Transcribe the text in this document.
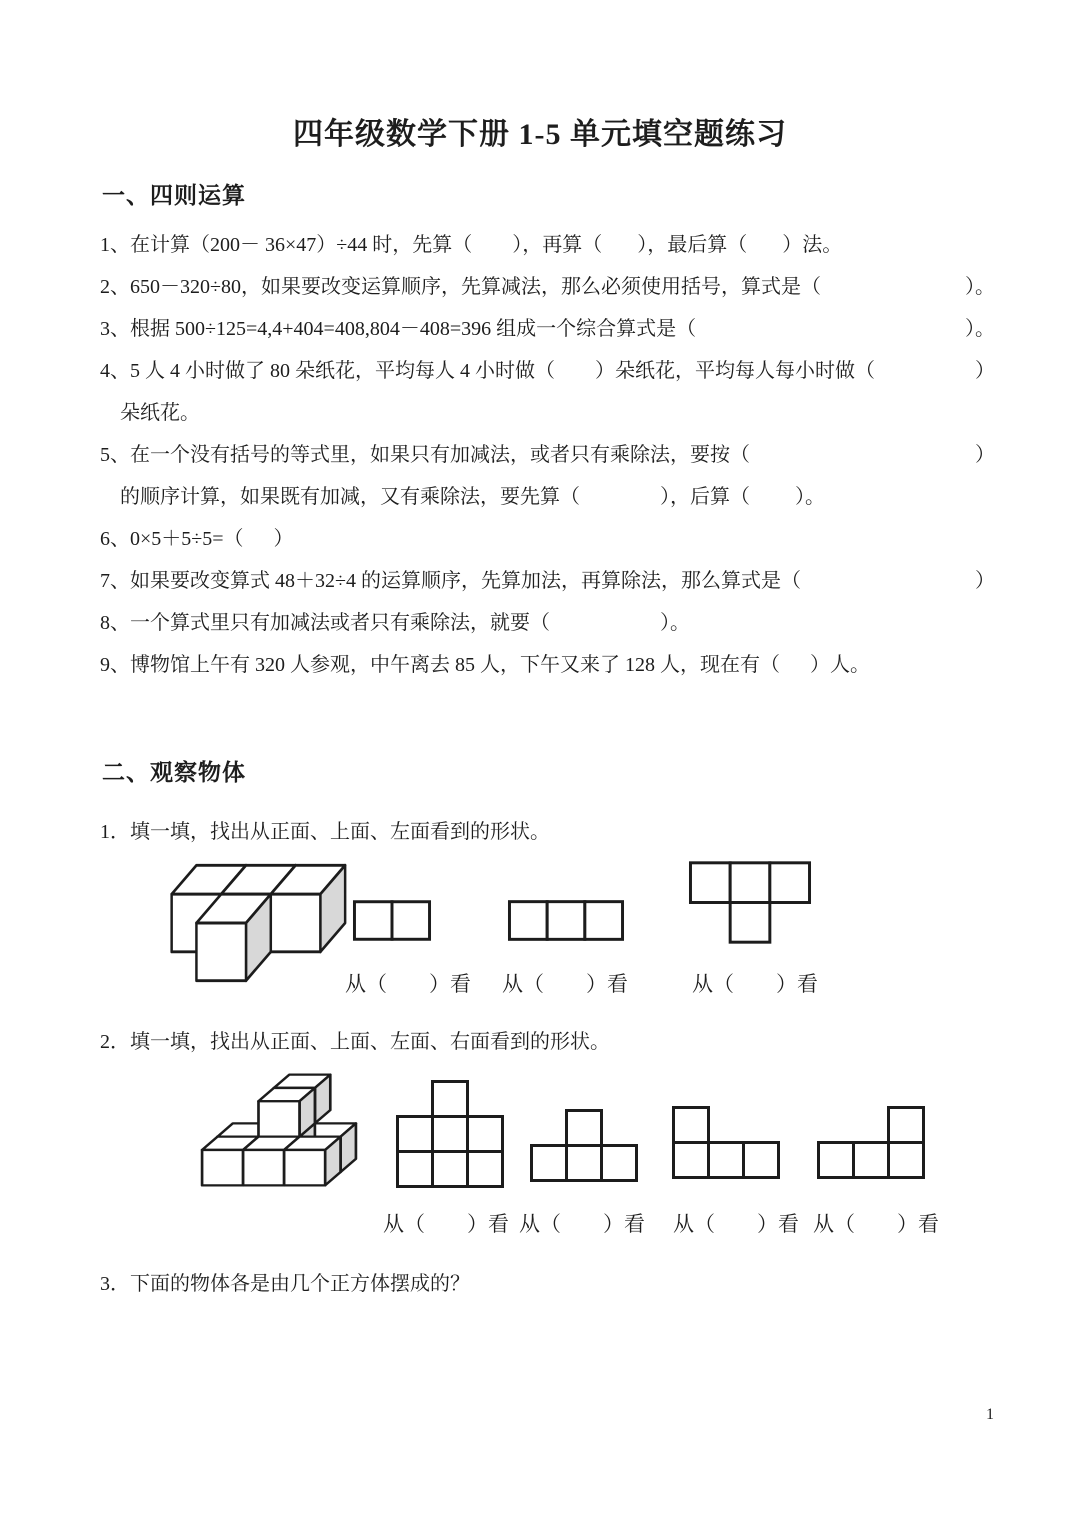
四年级数学下册 1-5 单元填空题练习
一、四则运算
1、在计算（200－ 36×47）÷44 时，先算（        ），再算（       ），最后算（       ）法。
2、650－320÷80，如果要改变运算顺序，先算减法，那么必须使用括号，算式是（	）。
3、根据 500÷125=4,4+404=408,804－408=396 组成一个综合算式是（	）。
4、5 人 4 小时做了 80 朵纸花，平均每人 4 小时做（        ）朵纸花，平均每人每小时做（	）
朵纸花。
5、在一个没有括号的等式里，如果只有加减法，或者只有乘除法，要按（	）
的顺序计算，如果既有加减，又有乘除法，要先算（                ），后算（         ）。
6、0×5＋5÷5=（      ）
7、如果要改变算式 48＋32÷4 的运算顺序，先算加法，再算除法，那么算式是（	）
8、一个算式里只有加减法或者只有乘除法，就要（                      ）。
9、博物馆上午有 320 人参观，中午离去 85 人，下午又来了 128 人，现在有（      ）人。
二、观察物体
1．填一填，找出从正面、上面、左面看到的形状。
从（        ）看 从（        ）看	从（        ）看
2．填一填，找出从正面、上面、左面、右面看到的形状。
从（        ）看 从（        ）看 从（        ）看 从（        ）看
3．下面的物体各是由几个正方体摆成的？
1
